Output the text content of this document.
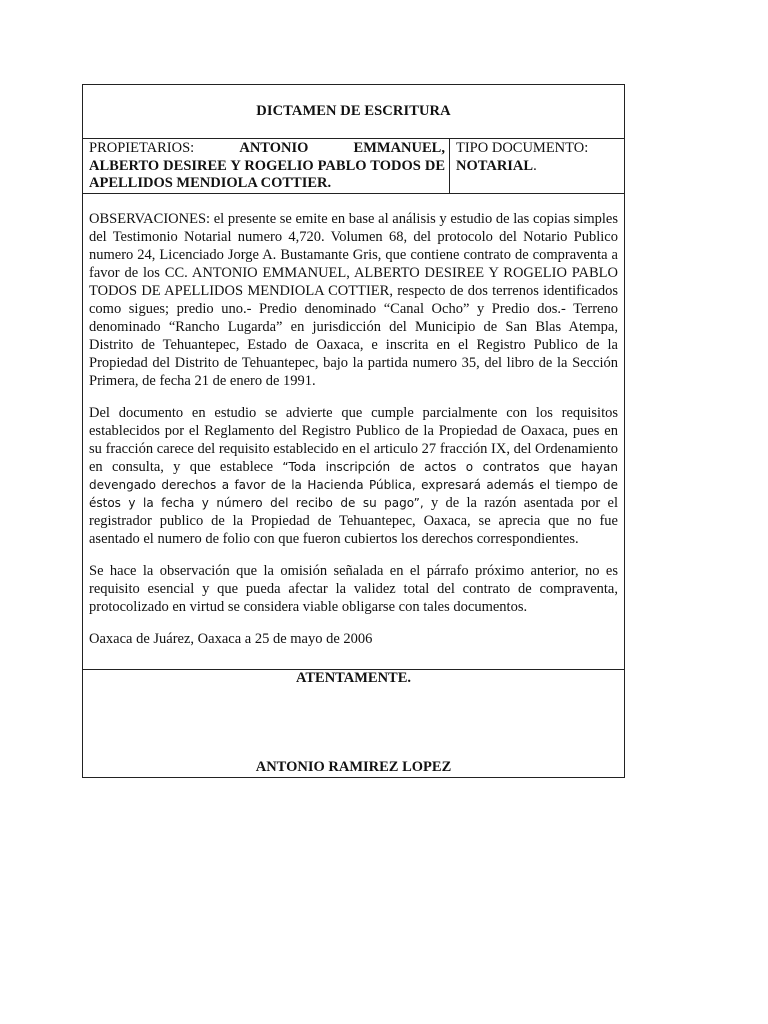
DICTAMEN DE ESCRITURA
PROPIETARIOS:	ANTONIO	EMMANUEL,
ALBERTO DESIREE Y ROGELIO PABLO TODOS DE APELLIDOS MENDIOLA COTTIER.
TIPO DOCUMENTO:
NOTARIAL.

OBSERVACIONES: el presente se emite en base al análisis y estudio de las copias simples del Testimonio Notarial numero 4,720. Volumen 68, del protocolo del Notario Publico numero 24, Licenciado Jorge A. Bustamante Gris, que contiene contrato de compraventa a favor de los CC. ANTONIO EMMANUEL, ALBERTO DESIREE Y ROGELIO PABLO TODOS DE APELLIDOS MENDIOLA COTTIER, respecto de dos terrenos identificados como sigues; predio uno.- Predio denominado “Canal Ocho” y Predio dos.- Terreno denominado “Rancho Lugarda” en jurisdicción del Municipio de San Blas Atempa, Distrito de Tehuantepec, Estado de Oaxaca, e inscrita en el Registro Publico de la Propiedad del Distrito de Tehuantepec, bajo la partida numero 35, del libro de la Sección Primera, de fecha 21 de enero de 1991.

Del documento en estudio se advierte que cumple parcialmente con los requisitos establecidos por el Reglamento del Registro Publico de la Propiedad de Oaxaca, pues en su fracción carece del requisito establecido en el articulo 27 fracción IX, del Ordenamiento en consulta, y que establece “Toda inscripción de actos o contratos que hayan devengado derechos a favor de la Hacienda Pública, expresará además el tiempo de éstos y la fecha y número del recibo de su pago”, y de la razón asentada por el registrador publico de la Propiedad de Tehuantepec, Oaxaca, se aprecia que no fue asentado el numero de folio con que fueron cubiertos los derechos correspondientes.

Se hace la observación que la omisión señalada en el párrafo próximo anterior, no es requisito esencial y que pueda afectar la validez total del contrato de compraventa, protocolizado en virtud se considera viable obligarse con tales documentos.

Oaxaca de Juárez, Oaxaca a 25 de mayo de 2006

ATENTAMENTE.
ANTONIO RAMIREZ LOPEZ
